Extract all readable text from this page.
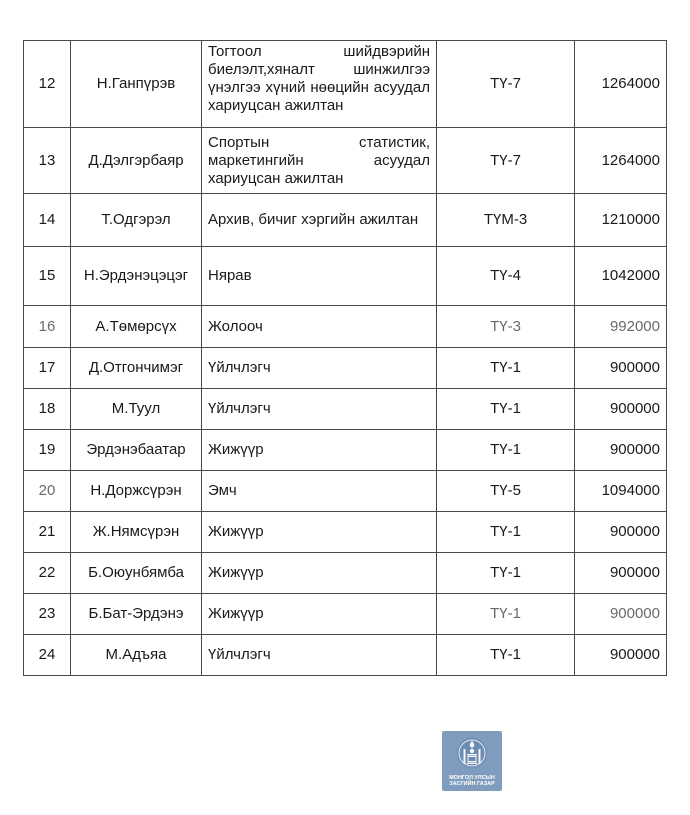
12	Н.Ганпүрэв	Тогтоол шийдвэрийн биелэлт,хяналт шинжилгээ үнэлгээ хүний нөөцийн асуудал хариуцсан ажилтан	ТҮ-7	1264000
13	Д.Дэлгэрбаяр	Спортын статистик, маркетингийн асуудал хариуцсан ажилтан	ТҮ-7	1264000
14	Т.Одгэрэл	Архив, бичиг хэргийн ажилтан	ТҮМ-3	1210000
15	Н.Эрдэнэцэцэг	Нярав	ТҮ-4	1042000
16	А.Төмөрсүх	Жолооч	ТҮ-3	992000
17	Д.Отгончимэг	Үйлчлэгч	ТҮ-1	900000
18	М.Туул	Үйлчлэгч	ТҮ-1	900000
19	Эрдэнэбаатар	Жижүүр	ТҮ-1	900000
20	Н.Доржсүрэн	Эмч	ТҮ-5	1094000
21	Ж.Нямсүрэн	Жижүүр	ТҮ-1	900000
22	Б.Оюунбямба	Жижүүр	ТҮ-1	900000
23	Б.Бат-Эрдэнэ	Жижүүр	ТҮ-1	900000
24	М.Адъяа	Үйлчлэгч	ТҮ-1	900000
МОНГОЛ УЛСЫН
ЗАСГИЙН ГАЗАР
